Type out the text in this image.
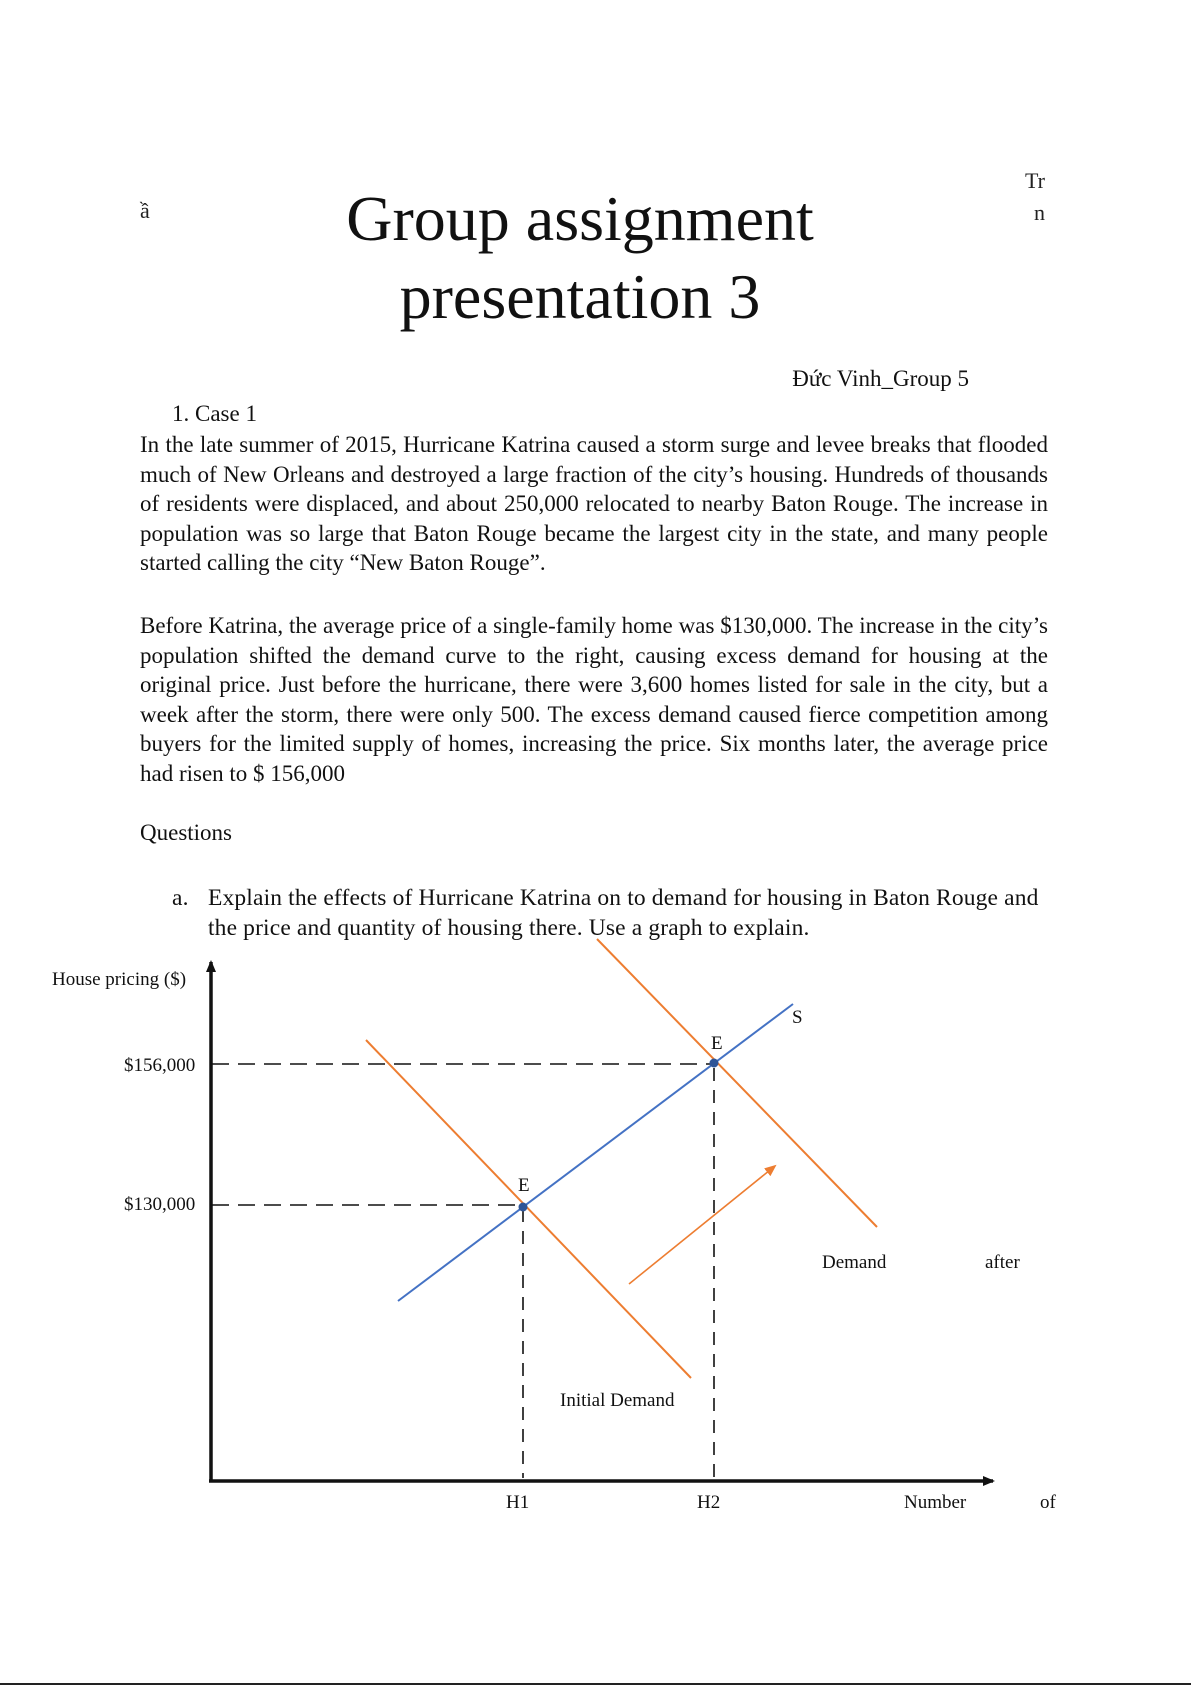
ầ
Tr
n
Group assignment
presentation 3
Đức Vinh_Group 5
1. Case 1
In the late summer of 2015, Hurricane Katrina caused a storm surge and levee breaks that flooded much of New Orleans and destroyed a large fraction of the city’s housing. Hundreds of thousands of residents were displaced, and about 250,000 relocated to nearby Baton Rouge. The increase in population was so large that Baton Rouge became the largest city in the state, and many people started calling the city “New Baton Rouge”.
Before Katrina, the average price of a single-family home was $130,000. The increase in the city’s population shifted the demand curve to the right, causing excess demand for housing at the original price. Just before the hurricane, there were 3,600 homes listed for sale in the city, but a week after the storm, there were only 500. The excess demand caused fierce competition among buyers for the limited supply of homes, increasing the price. Six months later, the average price had risen to $ 156,000
Questions
a. Explain the effects of Hurricane Katrina on to demand for housing in Baton Rouge and the price and quantity of housing there. Use a graph to explain.
House pricing ($)
Number	of
$156,000
$130,000
H1	H2
E
E
S
Initial Demand
Demand	after
